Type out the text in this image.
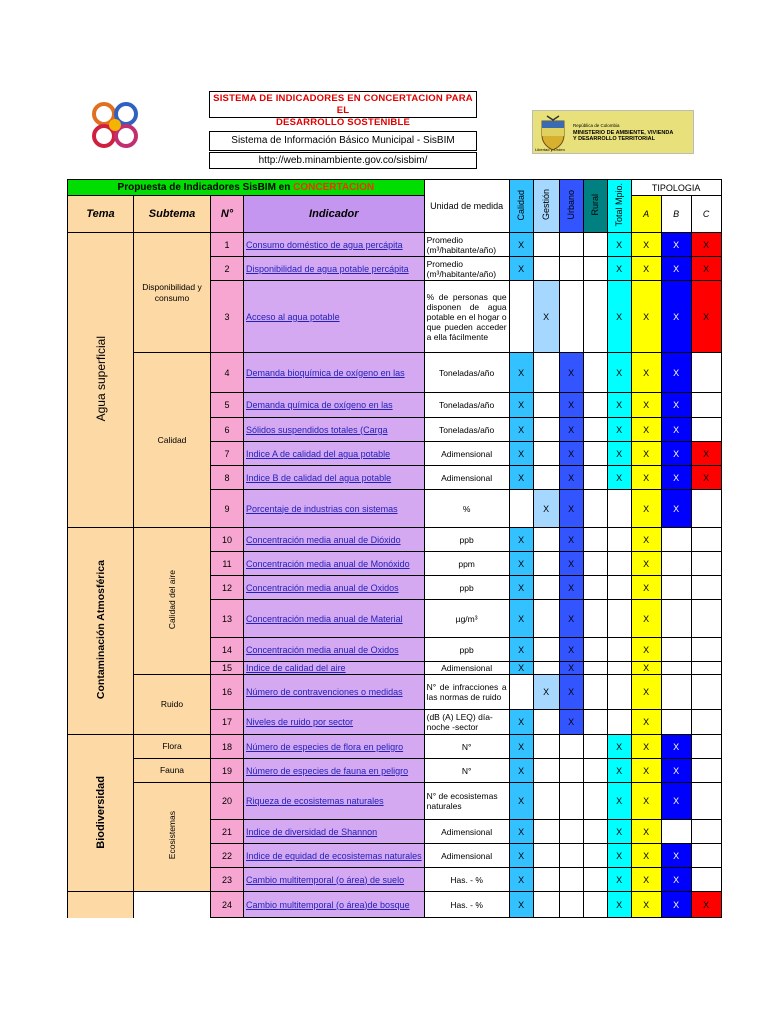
SISTEMA DE INDICADORES EN CONCERTACION PARA EL
DESARROLLO SOSTENIBLE
Sistema de Información Básico Municipal - SisBIM
http://web.minambiente.gov.co/sisbim/
República de Colombia
MINISTERIO DE AMBIENTE, VIVIENDA
Y DESARROLLO TERRITORIAL
Libertad y Orden
Propuesta de Indicadores SisBIM en CONCERTACION				Unidad de medida	Calidad	Gestión	Urbano	Rural	Total Mpio.	TIPOLOGIA		
Tema	Subtema	N°	Indicador							A	B	C
Agua superficial	Disponibilidad y consumo	1	Consumo doméstico de agua percápita	Promedio (m³/habitante/año)	X				X	X	X	X
		2	Disponibilidad de agua potable percápita	Promedio (m³/habitante/año)	X				X	X	X	X
		3	Acceso al agua potable	% de personas que disponen de agua potable en el hogar o que pueden acceder a ella fácilmente		X			X	X	X	X
	Calidad	4	Demanda bioquímica de oxígeno en las	Toneladas/año	X		X		X	X	X	
		5	Demanda química de oxígeno en las	Toneladas/año	X		X		X	X	X	
		6	Sólidos suspendidos totales (Carga	Toneladas/año	X		X		X	X	X	
		7	Indice A de calidad del agua potable	Adimensional	X		X		X	X	X	X
		8	Indice B de calidad del agua potable	Adimensional	X		X		X	X	X	X
		9	Porcentaje de industrias con sistemas	%		X	X			X	X	
Contaminación Atmosférica	Calidad del aire	10	Concentración media anual de Dióxido	ppb	X		X			X		
		11	Concentración media anual de Monóxido	ppm	X		X			X		
		12	Concentración media anual de Oxidos	ppb	X		X			X		
		13	Concentración media anual de Material	µg/m³	X		X			X		
		14	Concentración media anual de Oxidos	ppb	X		X			X		
		15	Indice de calidad del aire	Adimensional	X		X			X		
	Ruido	16	Número de contravenciones o medidas	N° de infracciones a las normas de ruido		X	X			X		
		17	Niveles de ruido por sector	(dB (A) LEQ) día-noche -sector	X		X			X		
Biodiversidad	Flora	18	Número de especies de flora en peligro	N°	X				X	X	X	
	Fauna	19	Número de especies de fauna en peligro	N°	X				X	X	X	
	Ecosistemas	20	Riqueza de ecosistemas naturales	N° de ecosistemas naturales	X				X	X	X	
		21	Indice de diversidad de Shannon	Adimensional	X				X	X		
		22	Indice de equidad de ecosistemas naturales	Adimensional	X				X	X	X	
		23	Cambio multitemporal (o área) de suelo	Has. - %	X				X	X	X	
		24	Cambio multitemporal (o área)de bosque	Has. - %	X				X	X	X	X
